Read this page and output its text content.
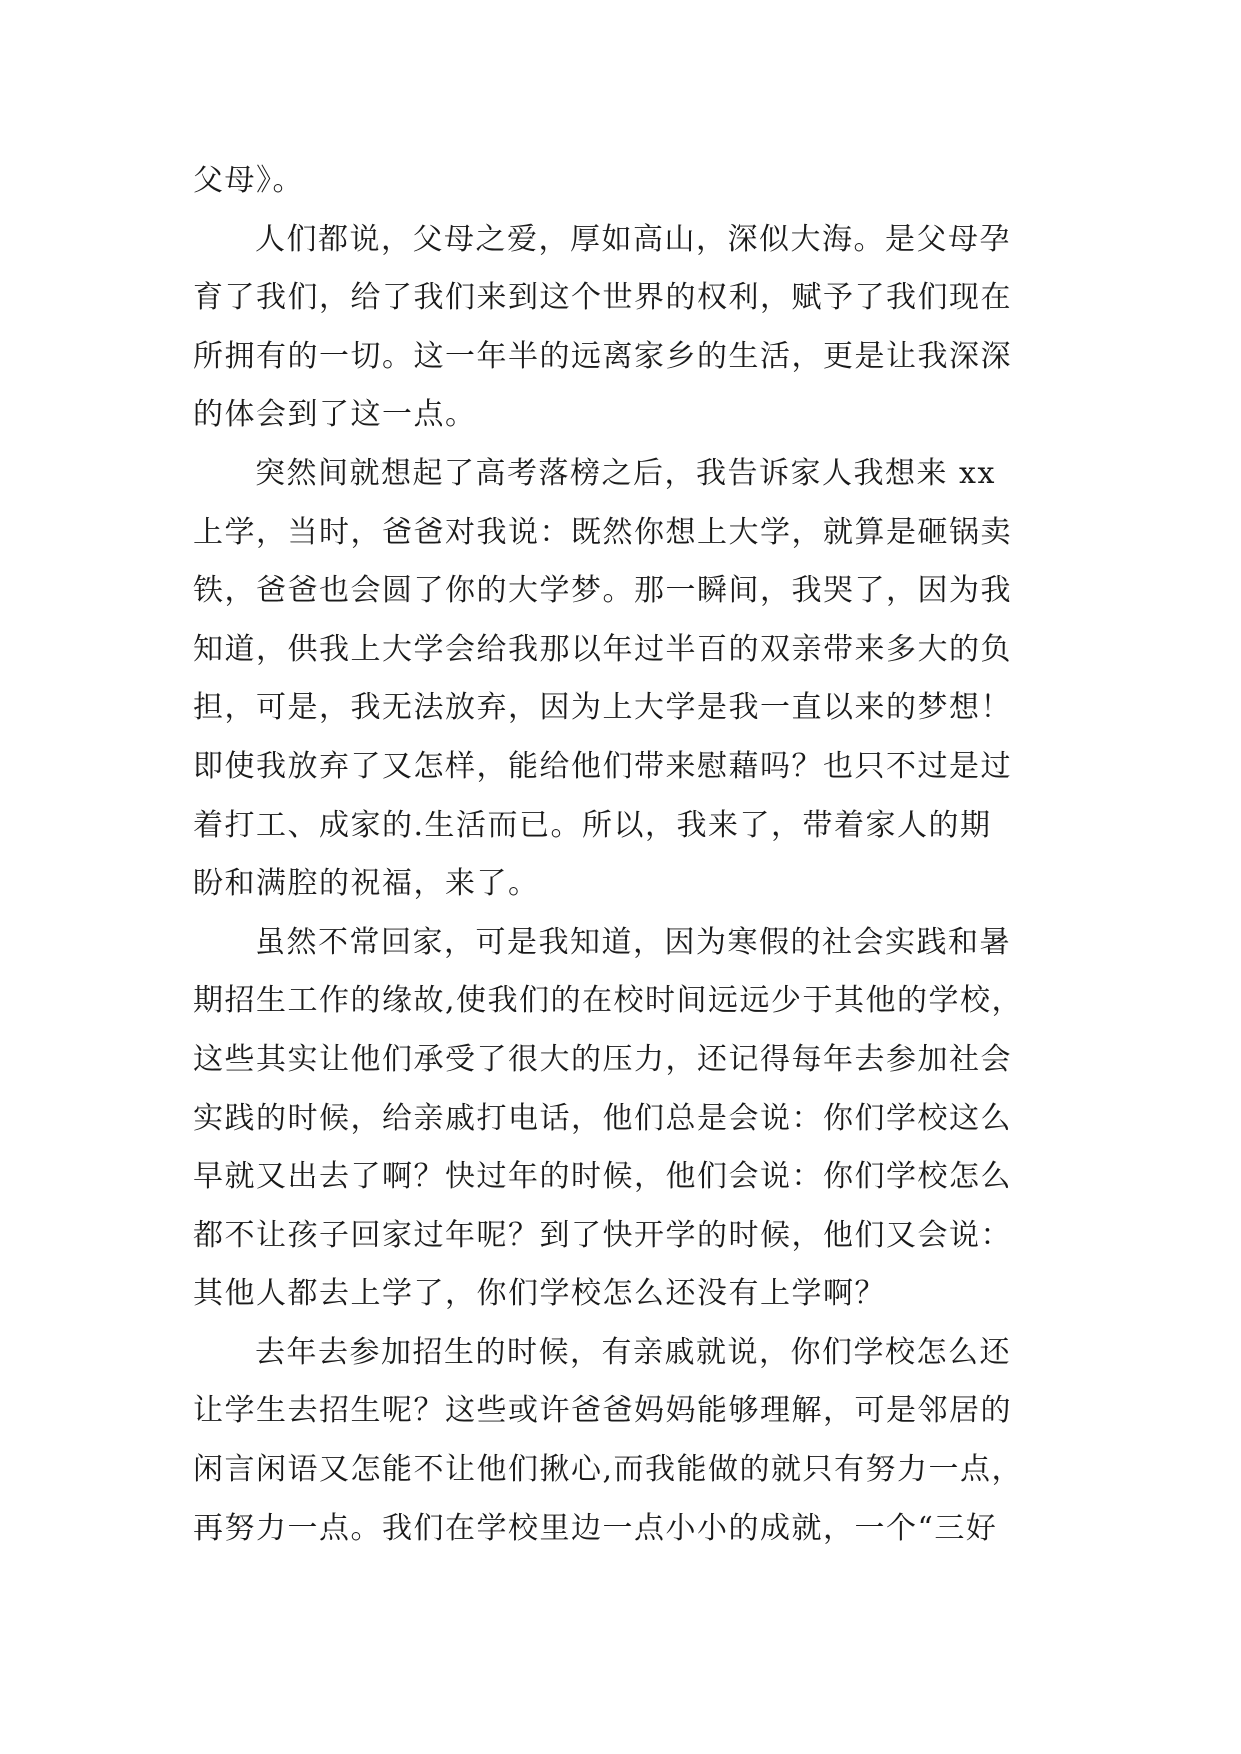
父母》。
人们都说，父母之爱，厚如高山，深似大海。是父母孕
育了我们，给了我们来到这个世界的权利，赋予了我们现在
所拥有的一切。这一年半的远离家乡的生活，更是让我深深
的体会到了这一点。
突然间就想起了高考落榜之后，我告诉家人我想来 xx
上学，当时，爸爸对我说：既然你想上大学，就算是砸锅卖
铁，爸爸也会圆了你的大学梦。那一瞬间，我哭了，因为我
知道，供我上大学会给我那以年过半百的双亲带来多大的负
担，可是，我无法放弃，因为上大学是我一直以来的梦想！
即使我放弃了又怎样，能给他们带来慰藉吗？也只不过是过
着打工、成家的.生活而已。所以，我来了，带着家人的期
盼和满腔的祝福，来了。
虽然不常回家，可是我知道，因为寒假的社会实践和暑
期招生工作的缘故,使我们的在校时间远远少于其他的学校，
这些其实让他们承受了很大的压力，还记得每年去参加社会
实践的时候，给亲戚打电话，他们总是会说：你们学校这么
早就又出去了啊？快过年的时候，他们会说：你们学校怎么
都不让孩子回家过年呢？到了快开学的时候，他们又会说：
其他人都去上学了，你们学校怎么还没有上学啊？
去年去参加招生的时候，有亲戚就说，你们学校怎么还
让学生去招生呢？这些或许爸爸妈妈能够理解，可是邻居的
闲言闲语又怎能不让他们揪心,而我能做的就只有努力一点，
再努力一点。我们在学校里边一点小小的成就，一个“三好
